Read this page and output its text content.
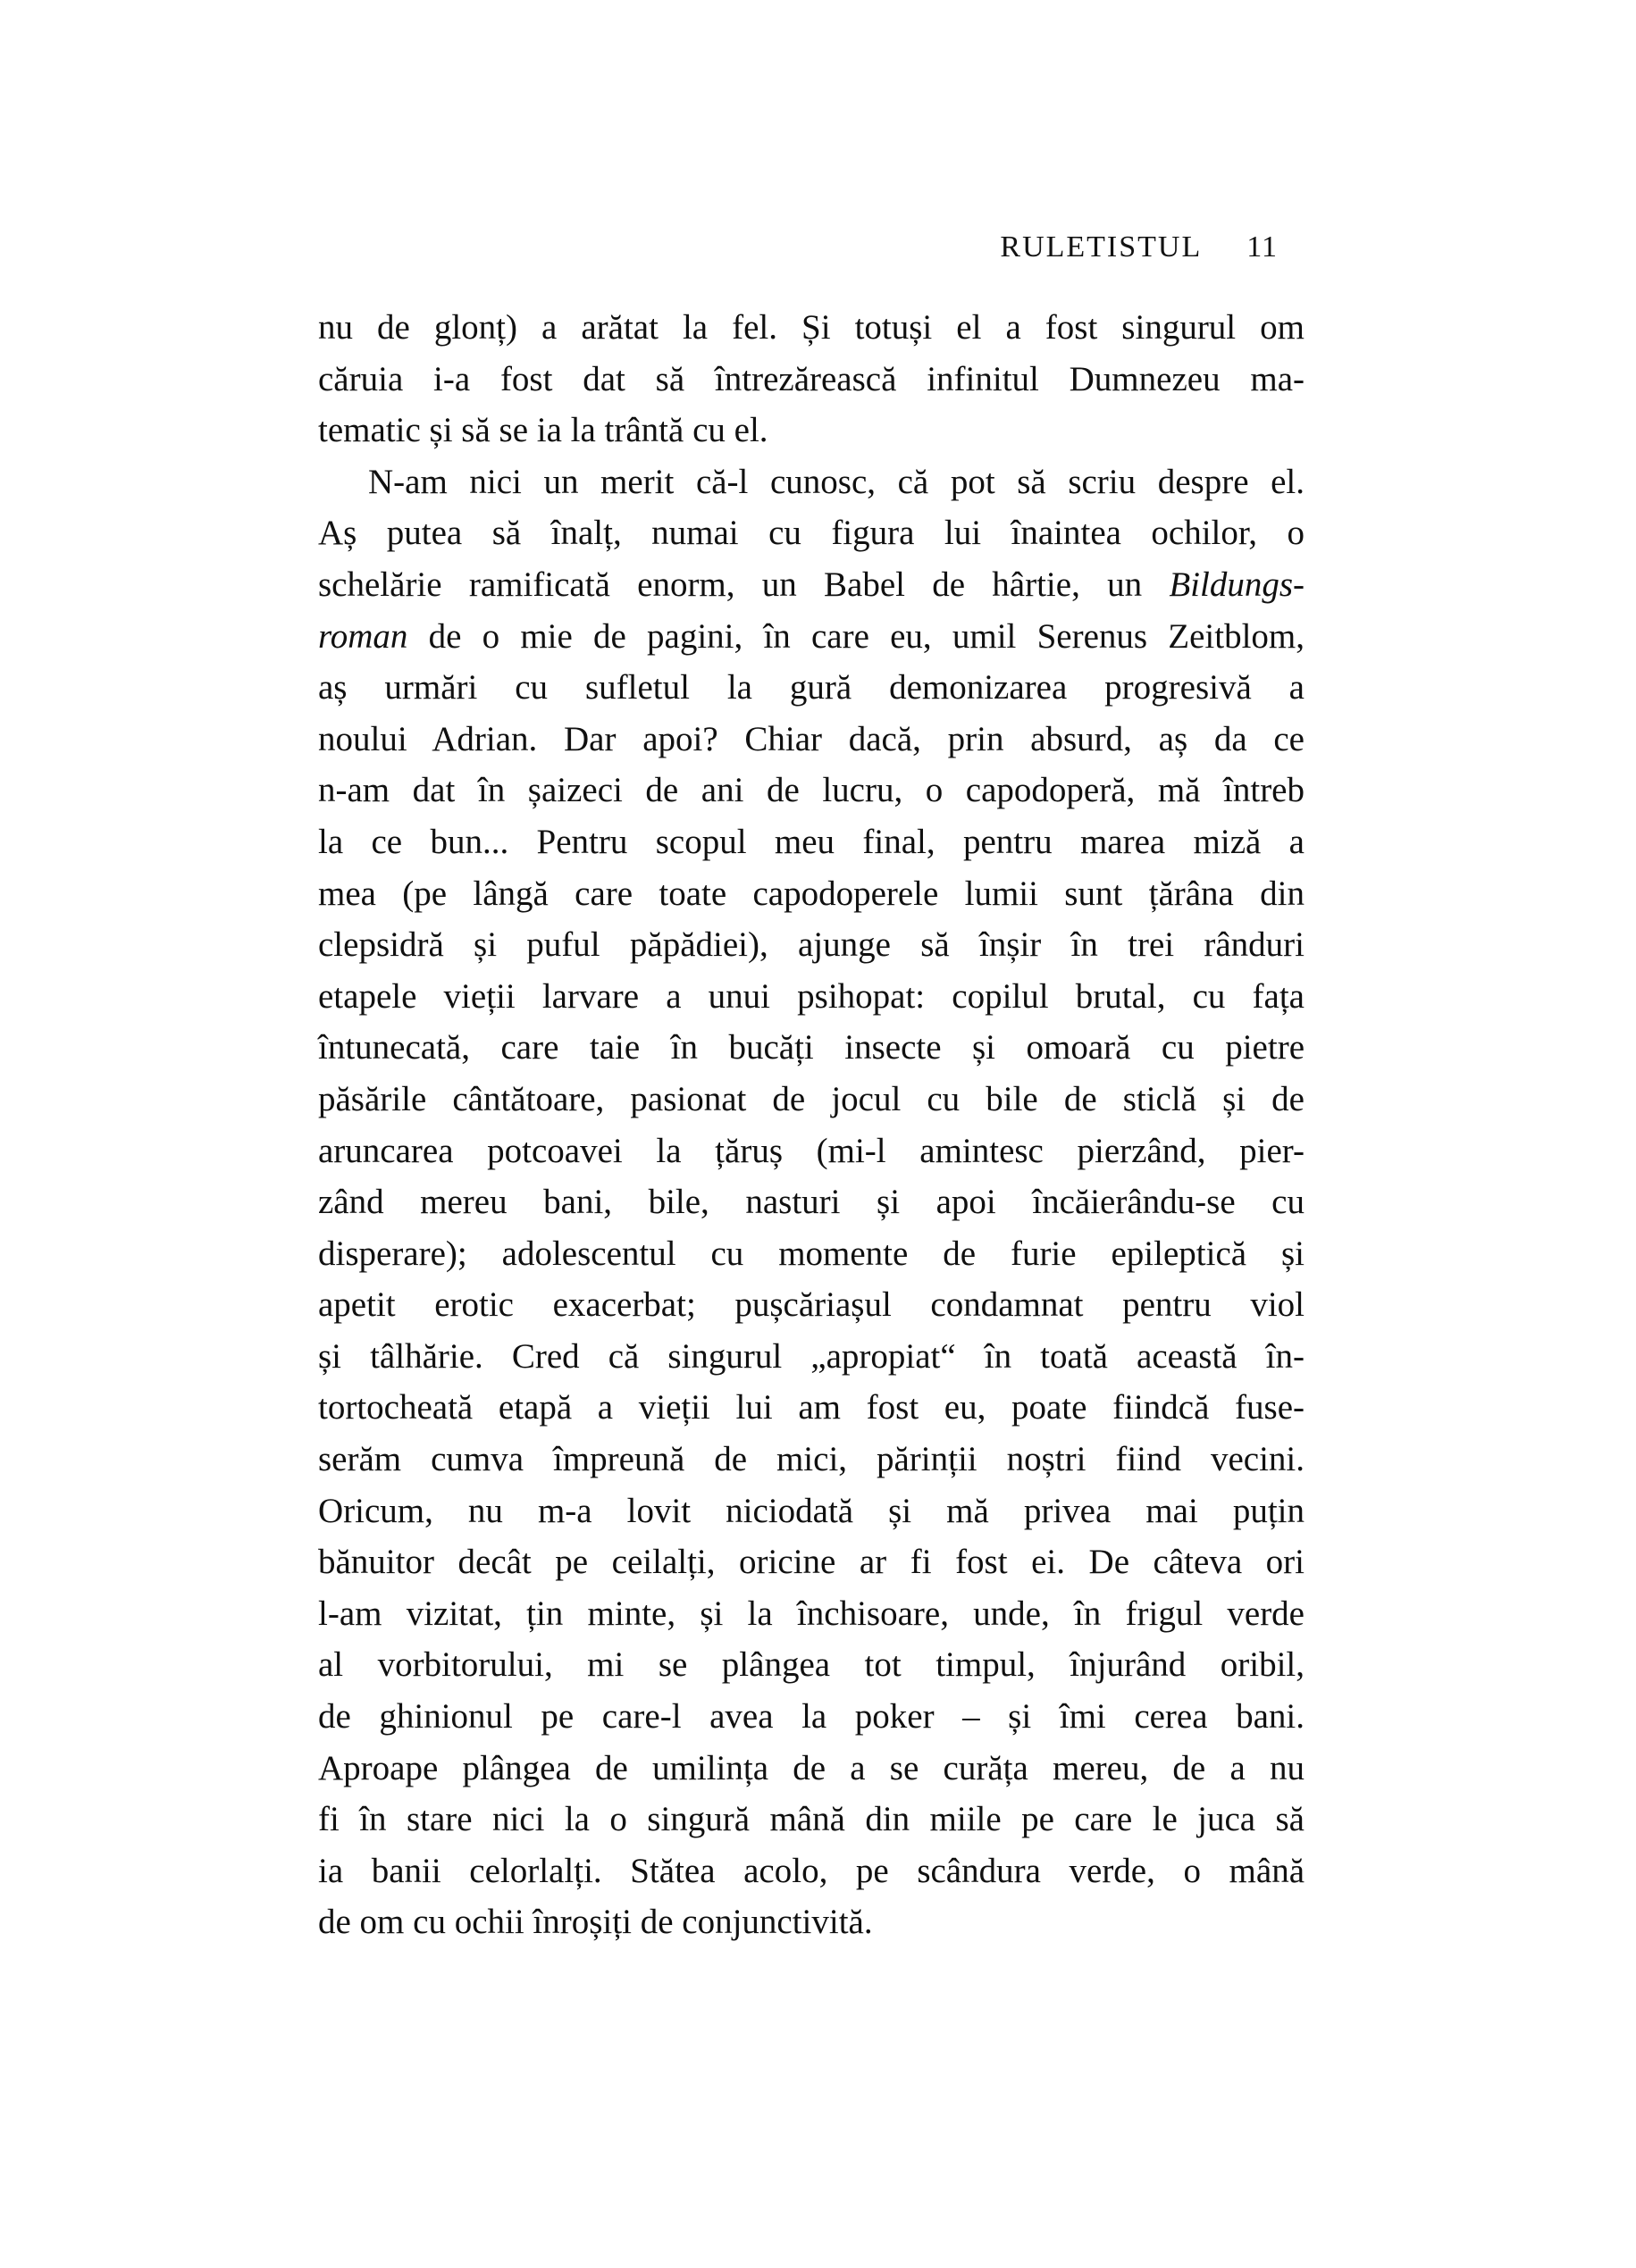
RULETISTUL 11
nu de glonț) a arătat la fel. Și totuși el a fost singurul om
căruia i-a fost dat să întrezărească infinitul Dumnezeu ma-
tematic și să se ia la trântă cu el.
N-am nici un merit că-l cunosc, că pot să scriu despre el.
Aș putea să înalț, numai cu figura lui înaintea ochilor, o
schelărie ramificată enorm, un Babel de hârtie, un Bildungs-
roman de o mie de pagini, în care eu, umil Serenus Zeitblom,
aș urmări cu sufletul la gură demonizarea progresivă a
noului Adrian. Dar apoi? Chiar dacă, prin absurd, aș da ce
n-am dat în șaizeci de ani de lucru, o capodoperă, mă întreb
la ce bun... Pentru scopul meu final, pentru marea miză a
mea (pe lângă care toate capodoperele lumii sunt țărâna din
clepsidră și puful păpădiei), ajunge să înșir în trei rânduri
etapele vieții larvare a unui psihopat: copilul brutal, cu fața
întunecată, care taie în bucăți insecte și omoară cu pietre
păsările cântătoare, pasionat de jocul cu bile de sticlă și de
aruncarea potcoavei la țăruș (mi-l amintesc pierzând, pier-
zând mereu bani, bile, nasturi și apoi încăierându-se cu
disperare); adolescentul cu momente de furie epileptică și
apetit erotic exacerbat; pușcăriașul condamnat pentru viol
și tâlhărie. Cred că singurul „apropiat“ în toată această în-
tortocheată etapă a vieții lui am fost eu, poate fiindcă fuse-
serăm cumva împreună de mici, părinții noștri fiind vecini.
Oricum, nu m-a lovit niciodată și mă privea mai puțin
bănuitor decât pe ceilalți, oricine ar fi fost ei. De câteva ori
l-am vizitat, țin minte, și la închisoare, unde, în frigul verde
al vorbitorului, mi se plângea tot timpul, înjurând oribil,
de ghinionul pe care-l avea la poker – și îmi cerea bani.
Aproape plângea de umilința de a se curăța mereu, de a nu
fi în stare nici la o singură mână din miile pe care le juca să
ia banii celorlalți. Stătea acolo, pe scândura verde, o mână
de om cu ochii înroșiți de conjunctivită.
